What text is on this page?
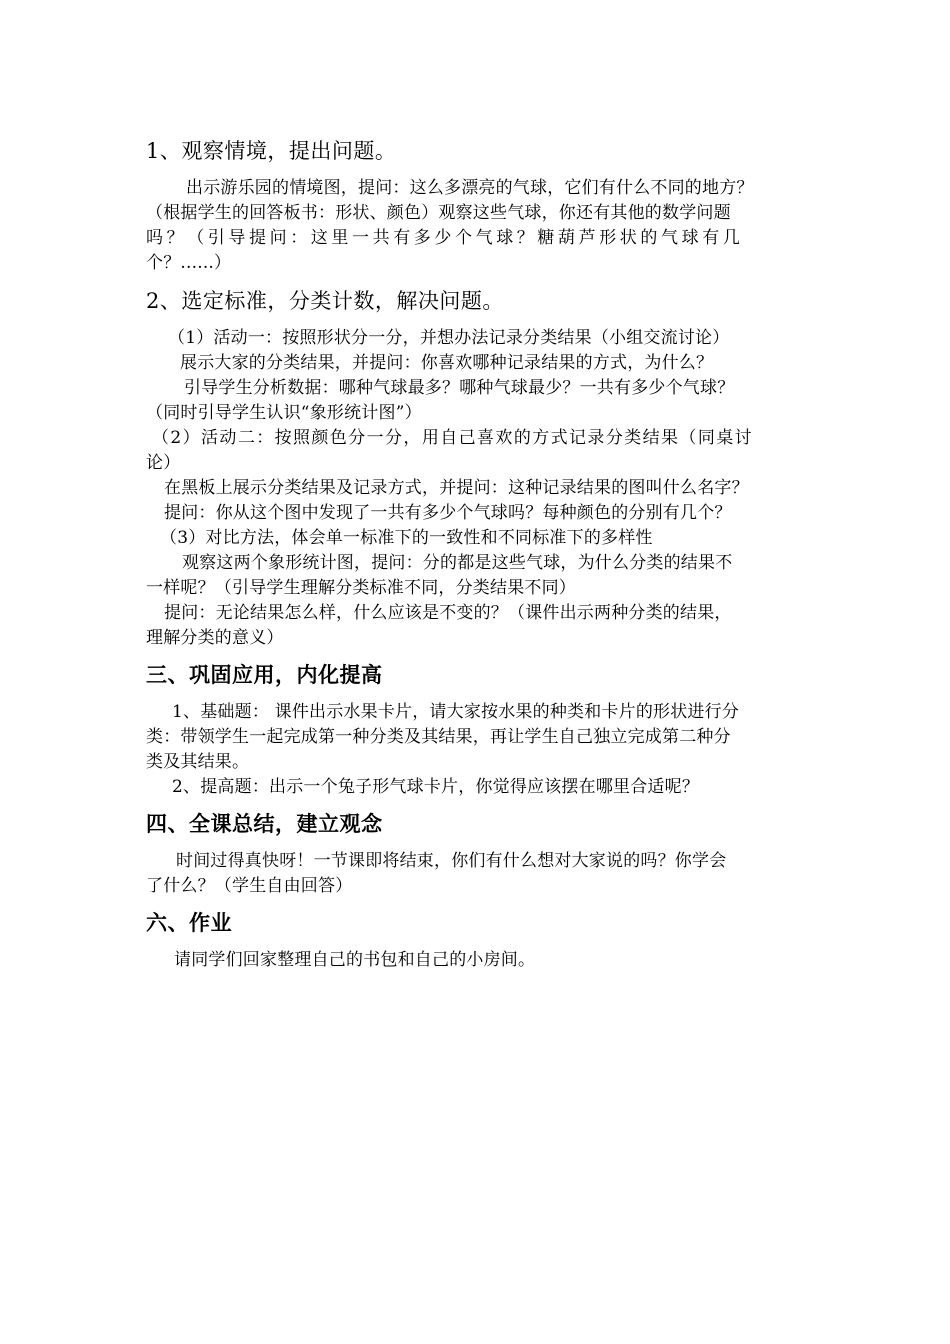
1、观察情境，提出问题。
出示游乐园的情境图，提问：这么多漂亮的气球，它们有什么不同的地方？
（根据学生的回答板书：形状、颜色）观察这些气球，你还有其他的数学问题
吗？（引导提问：这里一共有多少个气球？糖葫芦形状的气球有几
个？......）
2、选定标准，分类计数，解决问题。
（1）活动一：按照形状分一分，并想办法记录分类结果（小组交流讨论）
展示大家的分类结果，并提问：你喜欢哪种记录结果的方式，为什么？
引导学生分析数据：哪种气球最多？哪种气球最少？一共有多少个气球？
（同时引导学生认识“象形统计图”）
（2）活动二：按照颜色分一分，用自己喜欢的方式记录分类结果（同桌讨
论）
在黑板上展示分类结果及记录方式，并提问：这种记录结果的图叫什么名字？
提问：你从这个图中发现了一共有多少个气球吗？每种颜色的分别有几个？
（3）对比方法，体会单一标准下的一致性和不同标准下的多样性
观察这两个象形统计图，提问：分的都是这些气球，为什么分类的结果不
一样呢？（引导学生理解分类标准不同，分类结果不同）
提问：无论结果怎么样，什么应该是不变的？（课件出示两种分类的结果，
理解分类的意义）
三、巩固应用，内化提高
1、基础题： 课件出示水果卡片，请大家按水果的种类和卡片的形状进行分
类：带领学生一起完成第一种分类及其结果，再让学生自己独立完成第二种分
类及其结果。
2、提高题：出示一个兔子形气球卡片，你觉得应该摆在哪里合适呢？
四、全课总结，建立观念
时间过得真快呀！一节课即将结束，你们有什么想对大家说的吗？你学会
了什么？（学生自由回答）
六、作业
请同学们回家整理自己的书包和自己的小房间。
